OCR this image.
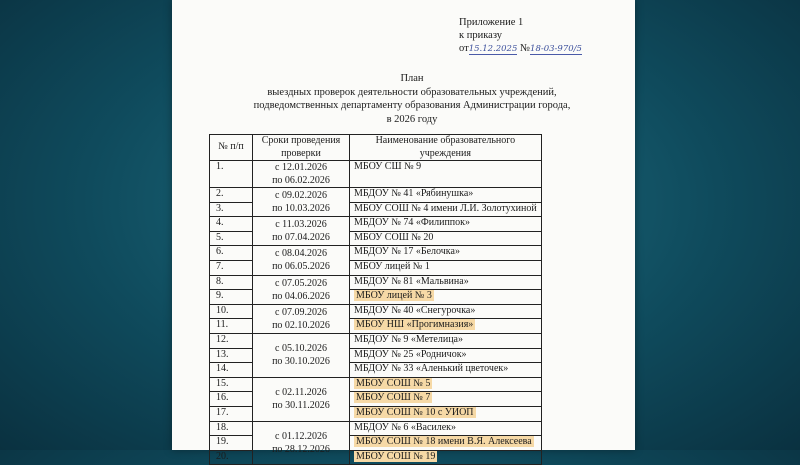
Приложение 1
к приказу
от15.12.2025 №18-03-970/5
План
выездных проверок деятельности образовательных учреждений,
подведомственных департаменту образования Администрации города,
в 2026 году
№ п/п	Сроки проведения проверки	Наименование образовательного учреждения
1.	с 12.01.2026
по 06.02.2026	МБОУ СШ № 9
2.	с 09.02.2026
по 10.03.2026	МБДОУ № 41 «Рябинушка»
3.		МБОУ СОШ № 4 имени Л.И. Золотухиной
4.	с 11.03.2026
по 07.04.2026	МБДОУ № 74 «Филиппок»
5.		МБОУ СОШ № 20
6.	с 08.04.2026
по 06.05.2026	МБДОУ № 17 «Белочка»
7.		МБОУ лицей № 1
8.	с 07.05.2026
по 04.06.2026	МБДОУ № 81 «Мальвина»
9.		МБОУ лицей № 3
10.	с 07.09.2026
по 02.10.2026	МБДОУ № 40 «Снегурочка»
11.		МБОУ НШ «Прогимназия»
12.	с 05.10.2026
по 30.10.2026	МБДОУ № 9 «Метелица»
13.		МБДОУ № 25 «Родничок»
14.		МБДОУ № 33 «Аленький цветочек»
15.	с 02.11.2026
по 30.11.2026	МБОУ СОШ № 5
16.		МБОУ СОШ № 7
17.		МБОУ СОШ № 10 с УИОП
18.	с 01.12.2026
по 28.12.2026	МБДОУ № 6 «Василек»
19.		МБОУ СОШ № 18 имени В.Я. Алексеева
20.		МБОУ СОШ № 19
